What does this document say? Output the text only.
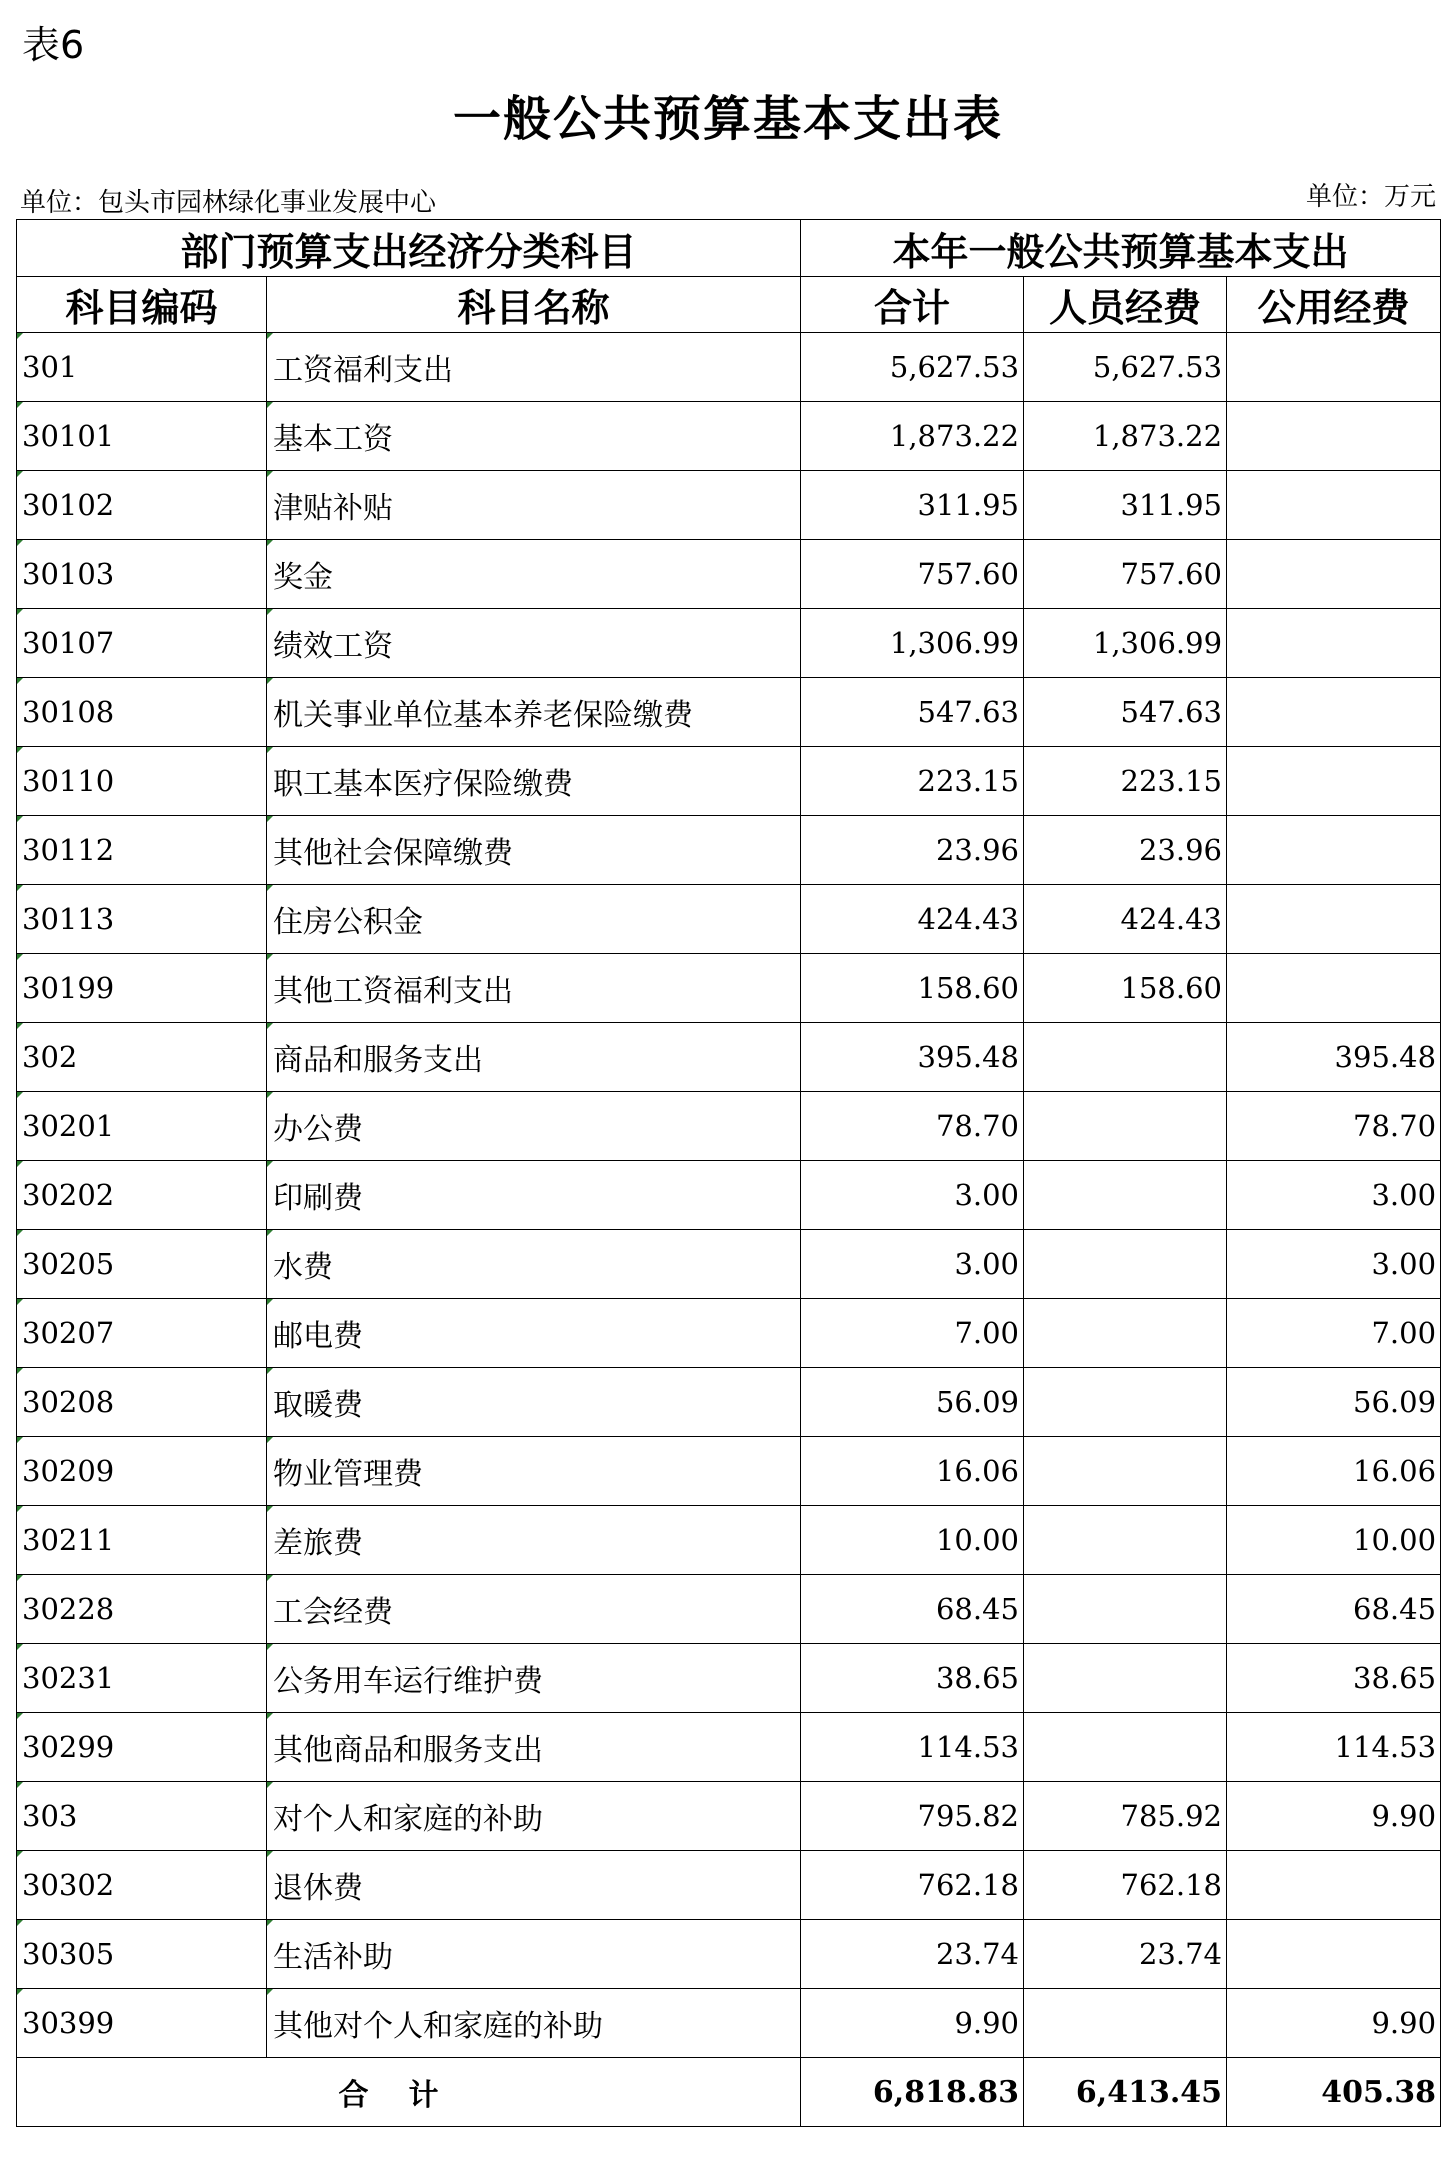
表6
一般公共预算基本支出表
单位：包头市园林绿化事业发展中心	单位：万元
部门预算支出经济分类科目		本年一般公共预算基本支出		
科目编码	科目名称	合计	人员经费	公用经费
301	工资福利支出	5,627.53	5,627.53	
30101	基本工资	1,873.22	1,873.22	
30102	津贴补贴	311.95	311.95	
30103	奖金	757.60	757.60	
30107	绩效工资	1,306.99	1,306.99	
30108	机关事业单位基本养老保险缴费	547.63	547.63	
30110	职工基本医疗保险缴费	223.15	223.15	
30112	其他社会保障缴费	23.96	23.96	
30113	住房公积金	424.43	424.43	
30199	其他工资福利支出	158.60	158.60	
302	商品和服务支出	395.48		395.48
30201	办公费	78.70		78.70
30202	印刷费	3.00		3.00
30205	水费	3.00		3.00
30207	邮电费	7.00		7.00
30208	取暖费	56.09		56.09
30209	物业管理费	16.06		16.06
30211	差旅费	10.00		10.00
30228	工会经费	68.45		68.45
30231	公务用车运行维护费	38.65		38.65
30299	其他商品和服务支出	114.53		114.53
303	对个人和家庭的补助	795.82	785.92	9.90
30302	退休费	762.18	762.18	
30305	生活补助	23.74	23.74	
30399	其他对个人和家庭的补助	9.90		9.90
合计		6,818.83	6,413.45	405.38
